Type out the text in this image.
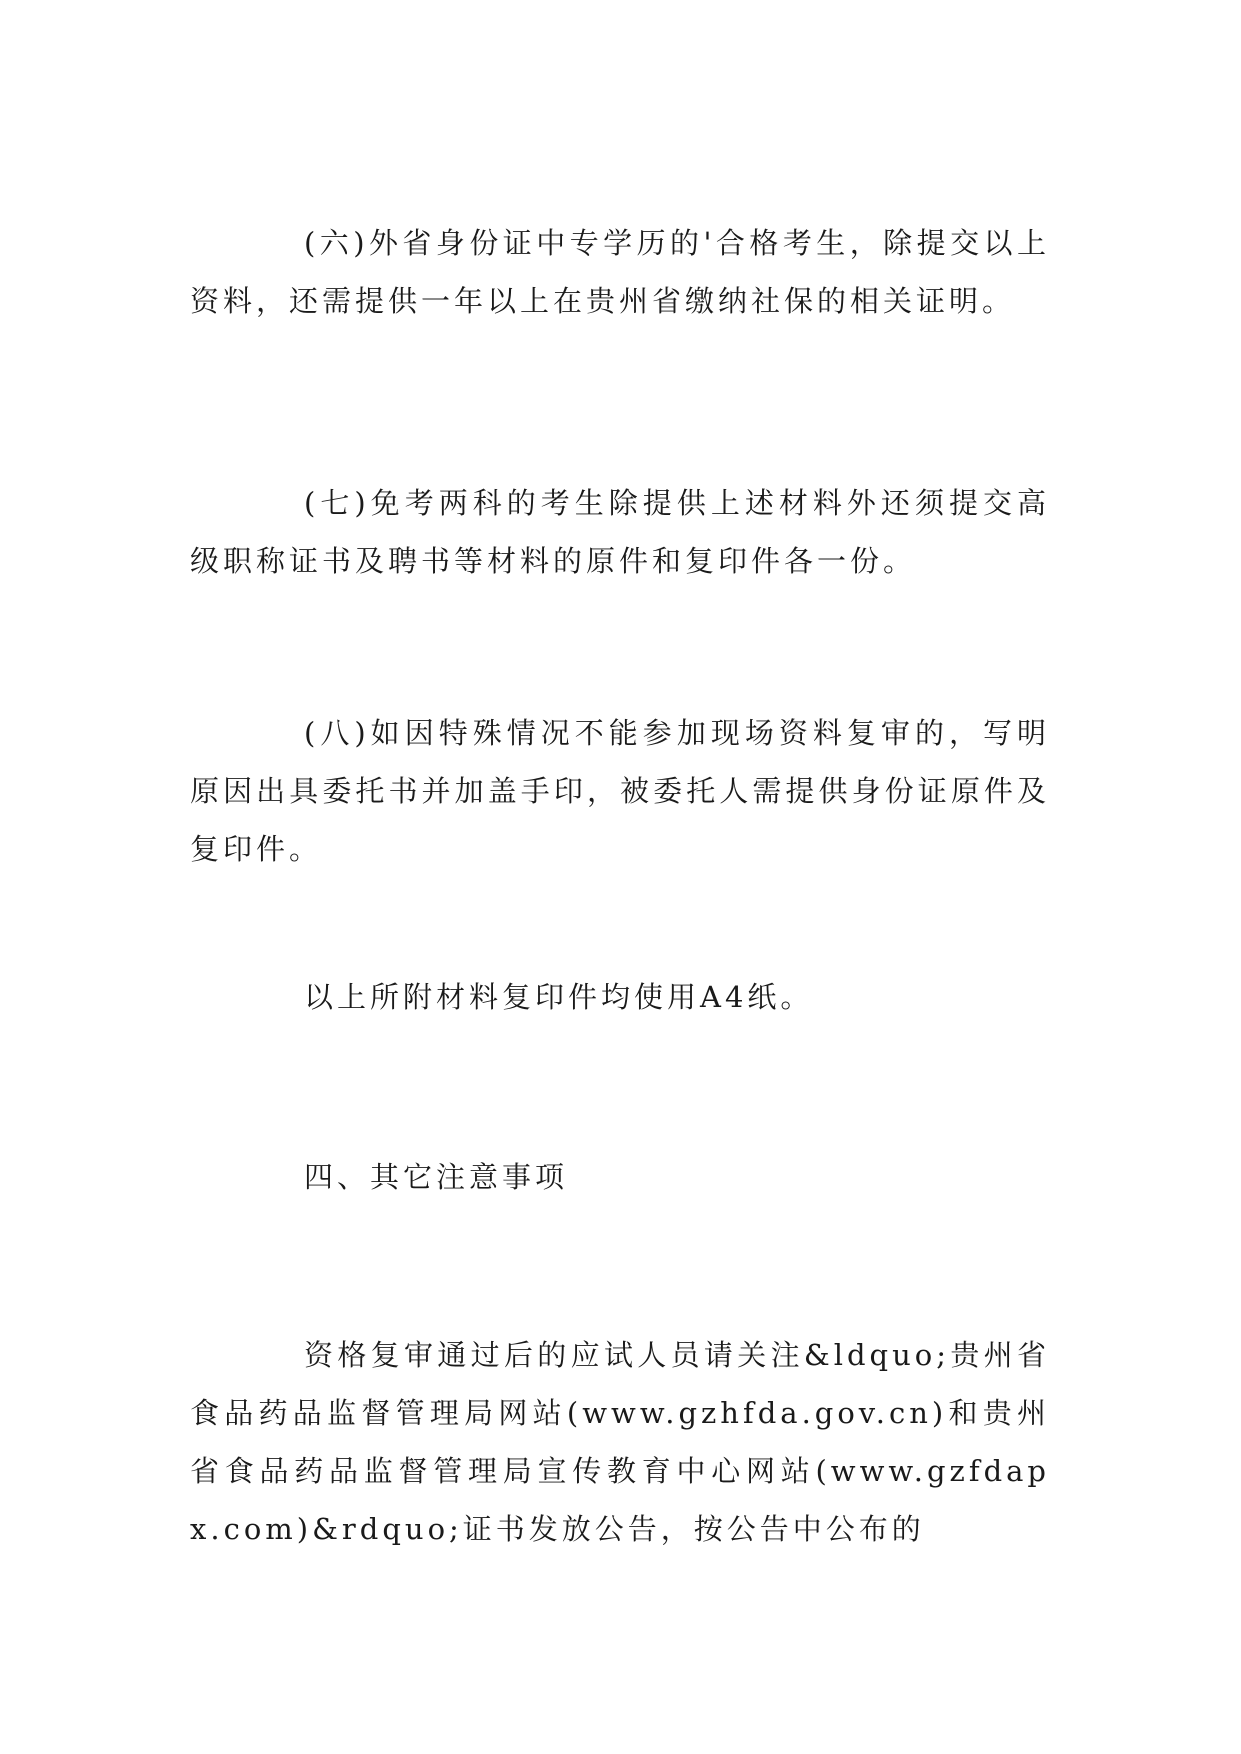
(六)外省身份证中专学历的'合格考生，除提交以上资料，还需提供一年以上在贵州省缴纳社保的相关证明。

(七)免考两科的考生除提供上述材料外还须提交高级职称证书及聘书等材料的原件和复印件各一份。

(八)如因特殊情况不能参加现场资料复审的，写明原因出具委托书并加盖手印，被委托人需提供身份证原件及复印件。

以上所附材料复印件均使用A4纸。

四、其它注意事项

资格复审通过后的应试人员请关注&ldquo;贵州省食品药品监督管理局网站(www.gzhfda.gov.cn)和贵州省食品药品监督管理局宣传教育中心网站(www.gzfdapx.com)&rdquo;证书发放公告，按公告中公布的
